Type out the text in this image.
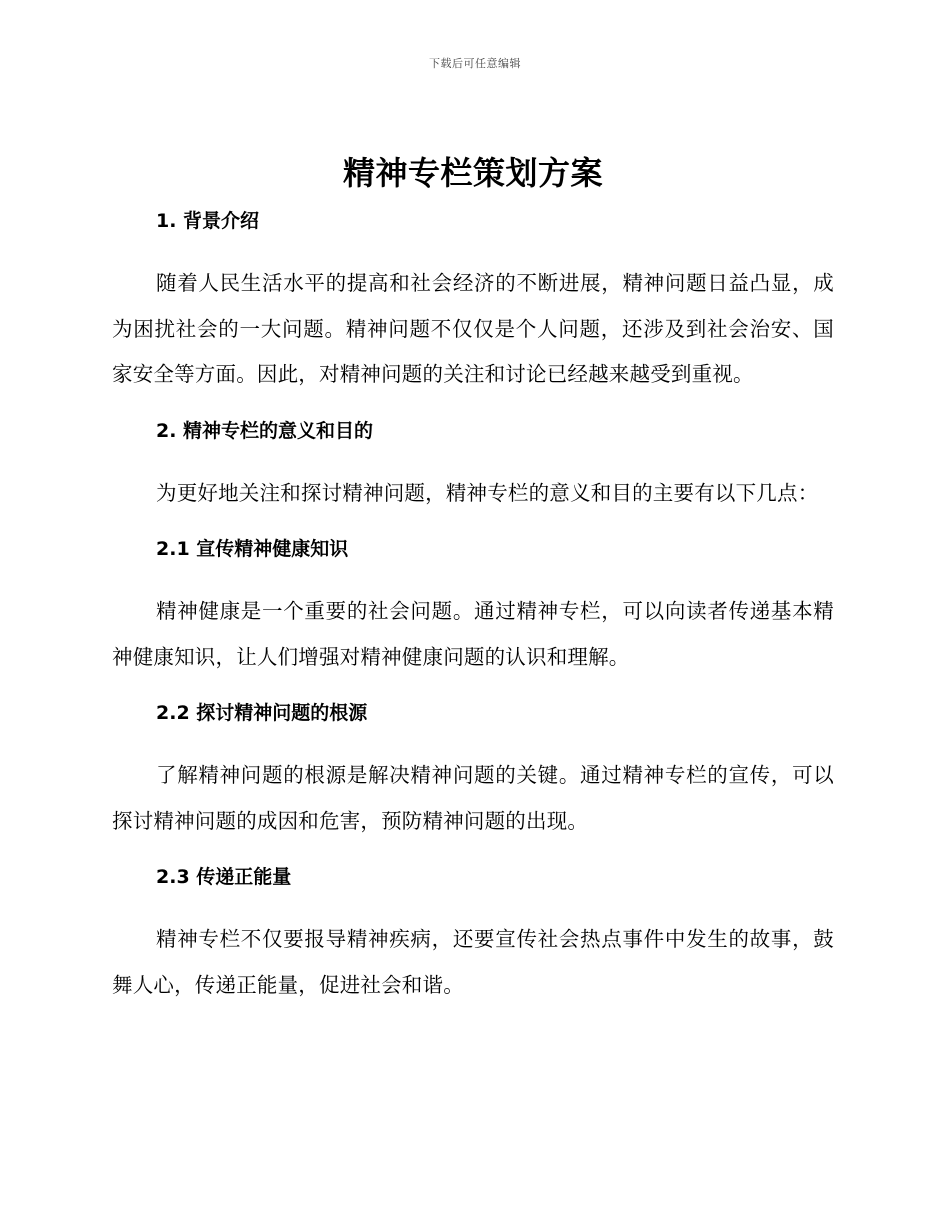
下载后可任意编辑
精神专栏策划方案
1. 背景介绍

随着人民生活水平的提高和社会经济的不断进展，精神问题日益凸显，成为困扰社会的一大问题。精神问题不仅仅是个人问题，还涉及到社会治安、国家安全等方面。因此，对精神问题的关注和讨论已经越来越受到重视。

2. 精神专栏的意义和目的

为更好地关注和探讨精神问题，精神专栏的意义和目的主要有以下几点：

2.1 宣传精神健康知识

精神健康是一个重要的社会问题。通过精神专栏，可以向读者传递基本精神健康知识，让人们增强对精神健康问题的认识和理解。

2.2 探讨精神问题的根源

了解精神问题的根源是解决精神问题的关键。通过精神专栏的宣传，可以探讨精神问题的成因和危害，预防精神问题的出现。

2.3 传递正能量

精神专栏不仅要报导精神疾病，还要宣传社会热点事件中发生的故事，鼓舞人心，传递正能量，促进社会和谐。
